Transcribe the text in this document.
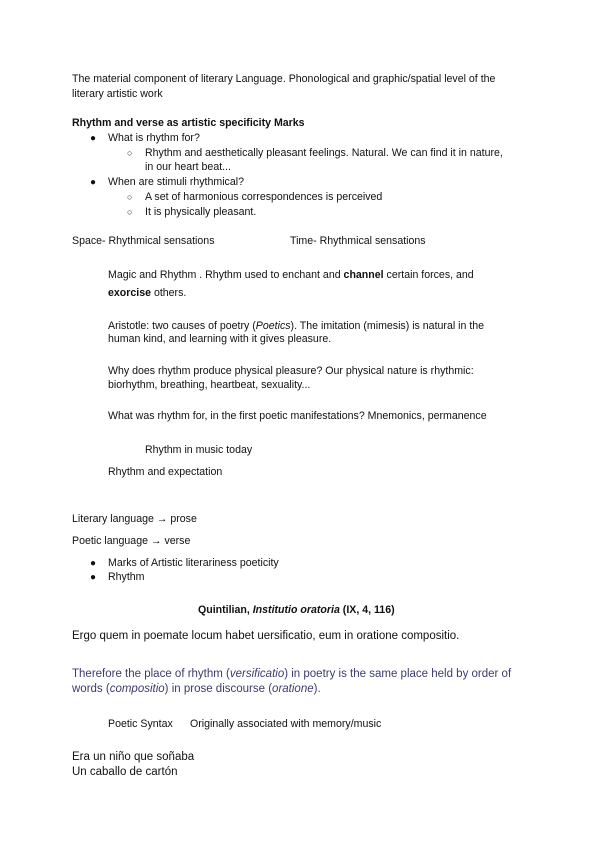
The material component of literary Language. Phonological and graphic/spatial level of the
literary artistic work
Rhythm and verse as artistic specificity Marks
● What is rhythm for?
○ Rhythm and aesthetically pleasant feelings. Natural. We can find it in nature,
in our heart beat...
● When are stimuli rhythmical?
○ A set of harmonious correspondences is perceived
○ It is physically pleasant.
Space- Rhythmical sensations	Time- Rhythmical sensations
Magic and Rhythm . Rhythm used to enchant and channel certain forces, and
exorcise others.
Aristotle: two causes of poetry (Poetics). The imitation (mimesis) is natural in the
human kind, and learning with it gives pleasure.
Why does rhythm produce physical pleasure? Our physical nature is rhythmic:
biorhythm, breathing, heartbeat, sexuality...
What was rhythm for, in the first poetic manifestations? Mnemonics, permanence
Rhythm in music today
Rhythm and expectation
Literary language → prose
Poetic language → verse
● Marks of Artistic literariness poeticity
● Rhythm
Quintilian, Institutio oratoria (IX, 4, 116)
Ergo quem in poemate locum habet uersificatio, eum in oratione compositio.
Therefore the place of rhythm (versificatio) in poetry is the same place held by order of
words (compositio) in prose discourse (oratione).
Poetic Syntax Originally associated with memory/music
Era un niño que soñaba
Un caballo de cartón
